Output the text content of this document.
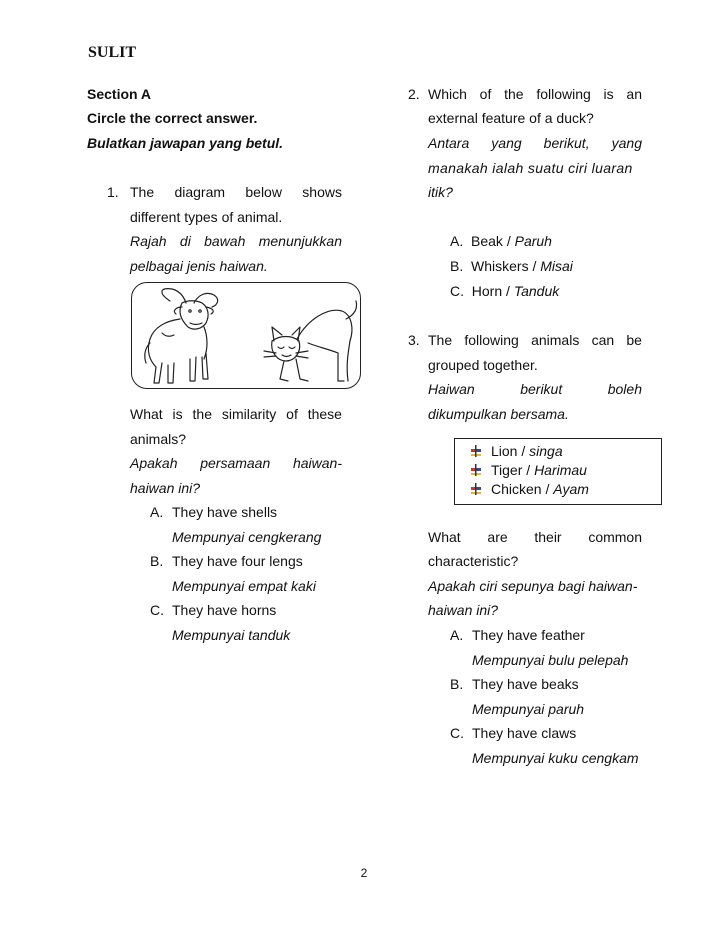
SULIT
Section A
Circle the correct answer.
Bulatkan jawapan yang betul.
1. The diagram below shows
different types of animal.
Rajah di bawah menunjukkan
pelbagai jenis haiwan.
What is the similarity of these
animals?
Apakah persamaan haiwan-
haiwan ini?
A. They have shells
Mempunyai cengkerang
B. They have four lengs
Mempunyai empat kaki
C. They have horns
Mempunyai tanduk
2. Which of the following is an
external feature of a duck?
Antara yang berikut, yang
manakah ialah suatu ciri luaran
itik?
A. Beak / Paruh
B. Whiskers / Misai
C. Horn / Tanduk
3. The following animals can be
grouped together.
Haiwan	berikut	boleh
dikumpulkan bersama.
Lion / singa
Tiger / Harimau
Chicken / Ayam
What are their common
characteristic?
Apakah ciri sepunya bagi haiwan-
haiwan ini?
A. They have feather
Mempunyai bulu pelepah
B. They have beaks
Mempunyai paruh
C. They have claws
Mempunyai kuku cengkam
2
